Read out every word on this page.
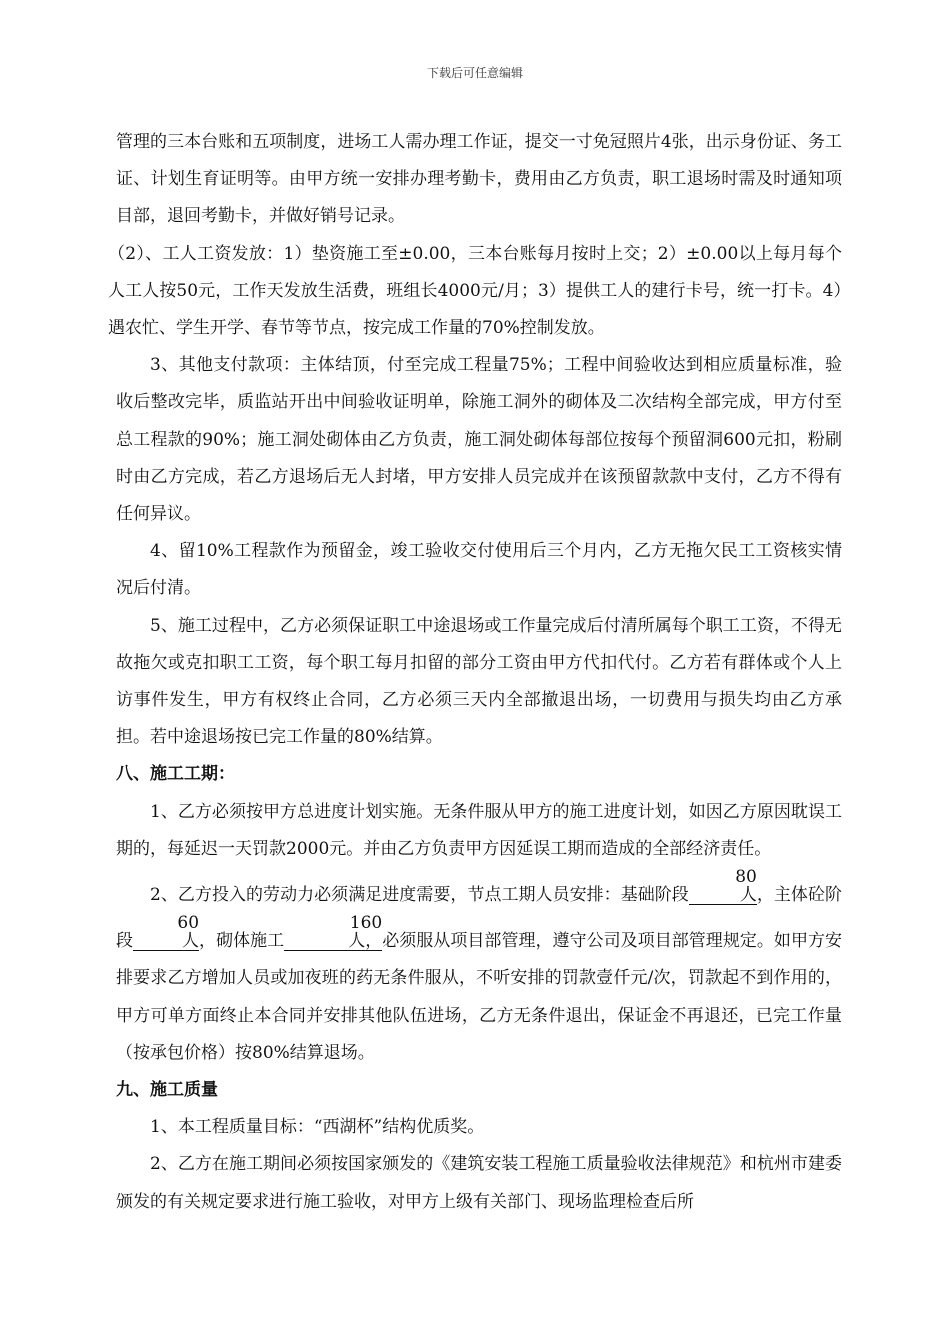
下载后可任意编辑

管理的三本台账和五项制度，进场工人需办理工作证，提交一寸免冠照片4张，出示身份证、务工证、计划生育证明等。由甲方统一安排办理考勤卡，费用由乙方负责，职工退场时需及时通知项目部，退回考勤卡，并做好销号记录。

（2）、工人工资发放：1）垫资施工至±0.00，三本台账每月按时上交；2）±0.00以上每月每个人工人按50元，工作天发放生活费，班组长4000元/月；3）提供工人的建行卡号，统一打卡。4）遇农忙、学生开学、春节等节点，按完成工作量的70%控制发放。

3、其他支付款项：主体结顶，付至完成工程量75%；工程中间验收达到相应质量标准，验收后整改完毕，质监站开出中间验收证明单，除施工洞外的砌体及二次结构全部完成，甲方付至总工程款的90%；施工洞处砌体由乙方负责，施工洞处砌体每部位按每个预留洞600元扣，粉刷时由乙方完成，若乙方退场后无人封堵，甲方安排人员完成并在该预留款款中支付，乙方不得有任何异议。

4、留10%工程款作为预留金，竣工验收交付使用后三个月内，乙方无拖欠民工工资核实情况后付清。

5、施工过程中，乙方必须保证职工中途退场或工作量完成后付清所属每个职工工资，不得无故拖欠或克扣职工工资，每个职工每月扣留的部分工资由甲方代扣代付。乙方若有群体或个人上访事件发生，甲方有权终止合同，乙方必须三天内全部撤退出场，一切费用与损失均由乙方承担。若中途退场按已完工作量的80%结算。

八、施工工期：

1、乙方必须按甲方总进度计划实施。无条件服从甲方的施工进度计划，如因乙方原因耽误工期的，每延迟一天罚款2000元。并由乙方负责甲方因延误工期而造成的全部经济责任。

2、乙方投入的劳动力必须满足进度需要，节点工期人员安排：基础阶段80人，主体砼阶段60人，砌体施工160人，必须服从项目部管理，遵守公司及项目部管理规定。如甲方安排要求乙方增加人员或加夜班的药无条件服从，不听安排的罚款壹仟元/次，罚款起不到作用的，甲方可单方面终止本合同并安排其他队伍进场，乙方无条件退出，保证金不再退还，已完工作量（按承包价格）按80%结算退场。

九、施工质量

1、本工程质量目标：“西湖杯”结构优质奖。

2、乙方在施工期间必须按国家颁发的《建筑安装工程施工质量验收法律规范》和杭州市建委颁发的有关规定要求进行施工验收，对甲方上级有关部门、现场监理检查后所
